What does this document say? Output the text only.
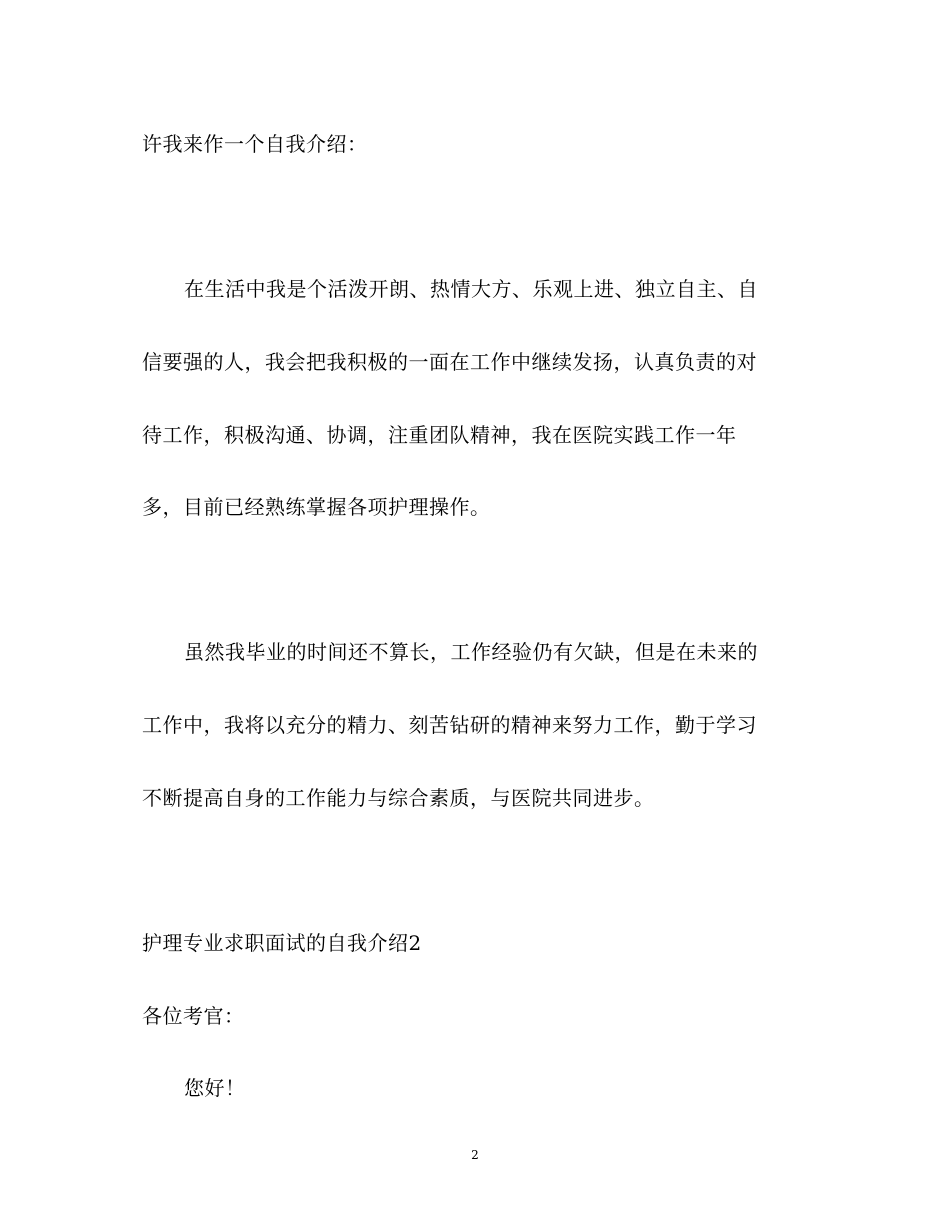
许我来作一个自我介绍：
在生活中我是个活泼开朗、热情大方、乐观上进、独立自主、自
信要强的人，我会把我积极的一面在工作中继续发扬，认真负责的对
待工作，积极沟通、协调，注重团队精神，我在医院实践工作一年
多，目前已经熟练掌握各项护理操作。
虽然我毕业的时间还不算长，工作经验仍有欠缺，但是在未来的
工作中，我将以充分的精力、刻苦钻研的精神来努力工作，勤于学习
不断提高自身的工作能力与综合素质，与医院共同进步。
护理专业求职面试的自我介绍2
各位考官：
您好！
2
